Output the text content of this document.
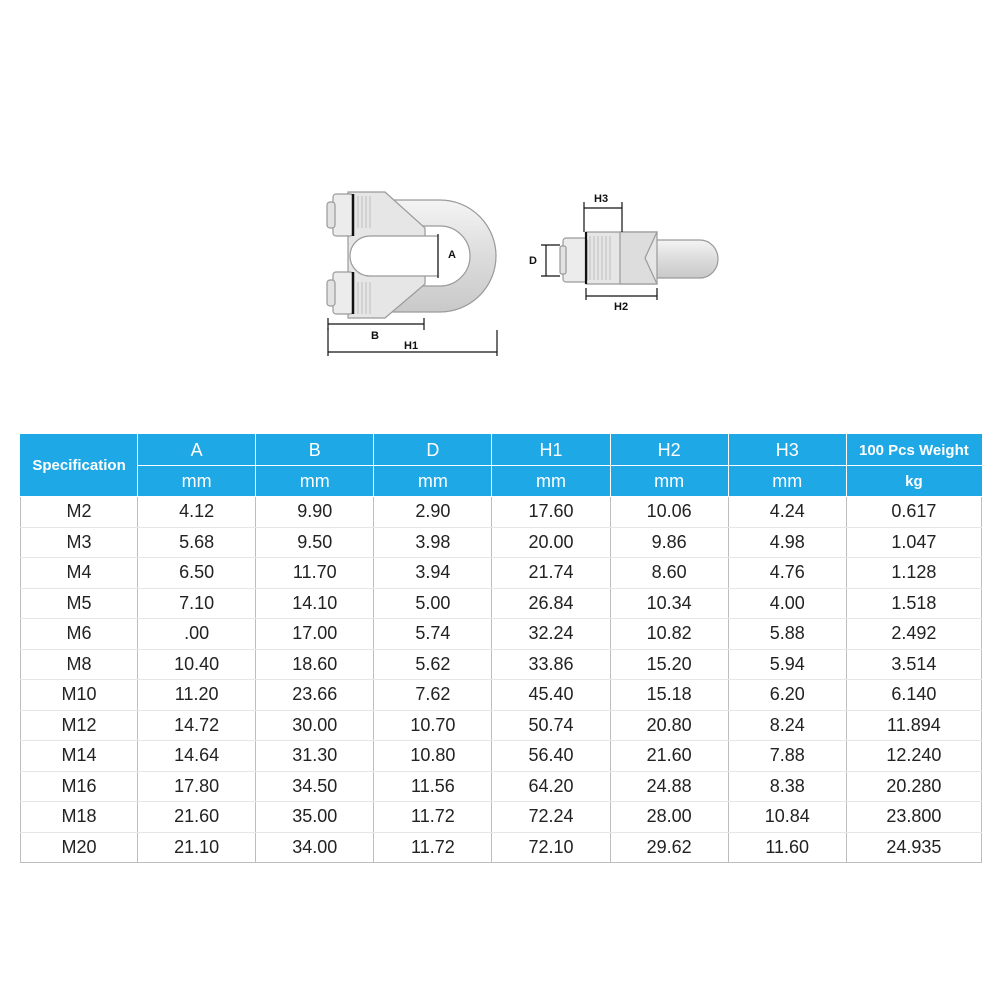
A
B
H1
H3
D
H2
Specification	A	B	D	H1	H2	H3	100 Pcs Weight
	mm	mm	mm	mm	mm	mm	kg
M2	4.12	9.90	2.90	17.60	10.06	4.24	0.617
M3	5.68	9.50	3.98	20.00	9.86	4.98	1.047
M4	6.50	11.70	3.94	21.74	8.60	4.76	1.128
M5	7.10	14.10	5.00	26.84	10.34	4.00	1.518
M6	.00	17.00	5.74	32.24	10.82	5.88	2.492
M8	10.40	18.60	5.62	33.86	15.20	5.94	3.514
M10	11.20	23.66	7.62	45.40	15.18	6.20	6.140
M12	14.72	30.00	10.70	50.74	20.80	8.24	11.894
M14	14.64	31.30	10.80	56.40	21.60	7.88	12.240
M16	17.80	34.50	11.56	64.20	24.88	8.38	20.280
M18	21.60	35.00	11.72	72.24	28.00	10.84	23.800
M20	21.10	34.00	11.72	72.10	29.62	11.60	24.935
